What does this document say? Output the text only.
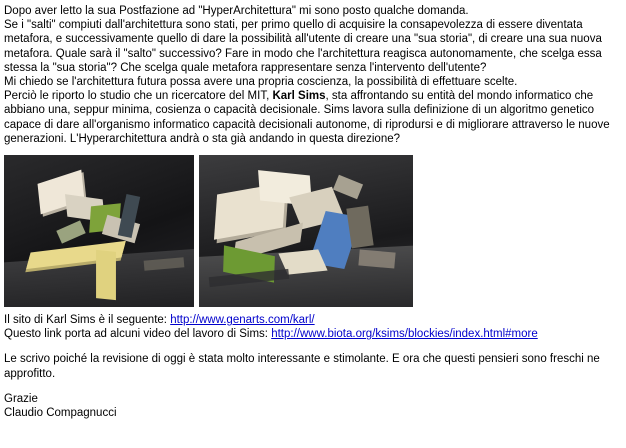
Dopo aver letto la sua Postfazione ad "HyperArchitettura" mi sono posto qualche domanda.

Se i "salti" compiuti dall'architettura sono stati, per primo quello di acquisire la consapevolezza di essere diventata metafora, e successivamente quello di dare la possibilità all'utente di creare una "sua storia", di creare una sua nuova metafora. Quale sarà il "salto" successivo? Fare in modo che l'architettura reagisca autonomamente, che scelga essa stessa la "sua storia"? Che scelga quale metafora rappresentare senza l'intervento dell'utente?

Mi chiedo se l'architettura futura possa avere una propria coscienza, la possibilità di effettuare scelte.

Perciò le riporto lo studio che un ricercatore del MIT, Karl Sims, sta affrontando su entità del mondo informatico che abbiano una, seppur minima, cosienza o capacità decisionale. Sims lavora sulla definizione di un algoritmo genetico capace di dare all'organismo informatico capacità decisionali autonome, di riprodursi e di migliorare attraverso le nuove generazioni. L'Hyperarchitettura andrà o sta già andando in questa direzione?

Il sito di Karl Sims è il seguente: http://www.genarts.com/karl/

Questo link porta ad alcuni video del lavoro di Sims: http://www.biota.org/ksims/blockies/index.html#more

Le scrivo poiché la revisione di oggi è stata molto interessante e stimolante. E ora che questi pensieri sono freschi ne approfitto.

Grazie

Claudio Compagnucci
